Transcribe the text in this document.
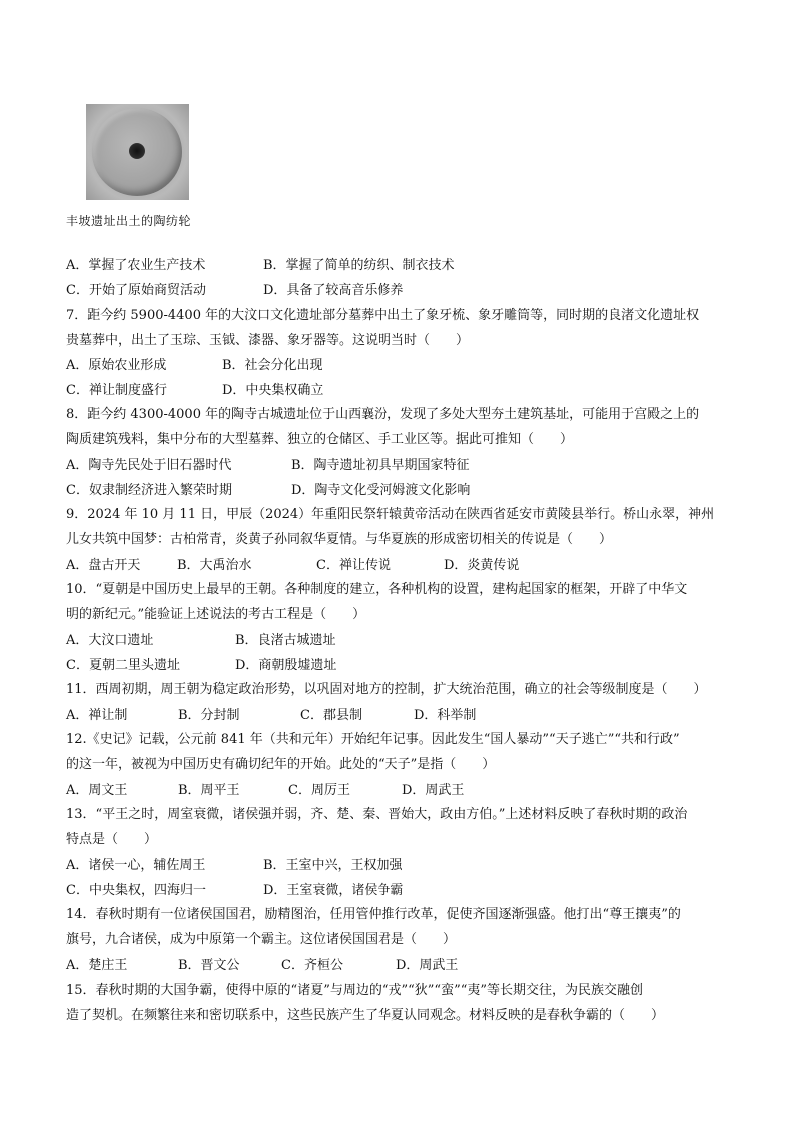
丰坡遗址出土的陶纺轮
A．掌握了农业生产技术	B．掌握了简单的纺织、制衣技术
C．开始了原始商贸活动	D．具备了较高音乐修养
7．距今约 5900-4400 年的大汶口文化遗址部分墓葬中出土了象牙梳、象牙雕筒等，同时期的良渚文化遗址权
贵墓葬中，出土了玉琮、玉钺、漆器、象牙器等。这说明当时（　　）
A．原始农业形成	B．社会分化出现
C．禅让制度盛行	D．中央集权确立
8．距今约 4300-4000 年的陶寺古城遗址位于山西襄汾，发现了多处大型夯土建筑基址，可能用于宫殿之上的
陶质建筑残料，集中分布的大型墓葬、独立的仓储区、手工业区等。据此可推知（　　）
A．陶寺先民处于旧石器时代	B．陶寺遗址初具早期国家特征
C．奴隶制经济进入繁荣时期	D．陶寺文化受河姆渡文化影响
9．2024 年 10 月 11 日，甲辰（2024）年重阳民祭轩辕黄帝活动在陕西省延安市黄陵县举行。桥山永翠，神州
儿女共筑中国梦：古柏常青，炎黄子孙同叙华夏情。与华夏族的形成密切相关的传说是（　　）
A．盘古开天	B．大禹治水	C．禅让传说	D．炎黄传说
10．“夏朝是中国历史上最早的王朝。各种制度的建立，各种机构的设置，建构起国家的框架，开辟了中华文
明的新纪元。”能验证上述说法的考古工程是（　　）
A．大汶口遗址	B．良渚古城遗址
C．夏朝二里头遗址	D．商朝殷墟遗址
11．西周初期，周王朝为稳定政治形势，以巩固对地方的控制，扩大统治范围，确立的社会等级制度是（　　）
A．禅让制	B．分封制	C．郡县制	D．科举制
12.《史记》记载，公元前 841 年（共和元年）开始纪年记事。因此发生“国人暴动”“天子逃亡”“共和行政”
的这一年，被视为中国历史有确切纪年的开始。此处的“天子”是指（　　）
A．周文王	B．周平王	C．周厉王	D．周武王
13．“平王之时，周室衰微，诸侯强并弱，齐、楚、秦、晋始大，政由方伯。”上述材料反映了春秋时期的政治
特点是（　　）
A．诸侯一心，辅佐周王	B．王室中兴，王权加强
C．中央集权，四海归一	D．王室衰微，诸侯争霸
14．春秋时期有一位诸侯国国君，励精图治，任用管仲推行改革，促使齐国逐渐强盛。他打出“尊王攘夷”的
旗号，九合诸侯，成为中原第一个霸主。这位诸侯国国君是（　　）
A．楚庄王	B．晋文公	C．齐桓公	D．周武王
15．春秋时期的大国争霸，使得中原的“诸夏”与周边的“戎”“狄”“蛮”“夷”等长期交往，为民族交融创
造了契机。在频繁往来和密切联系中，这些民族产生了华夏认同观念。材料反映的是春秋争霸的（　　）
